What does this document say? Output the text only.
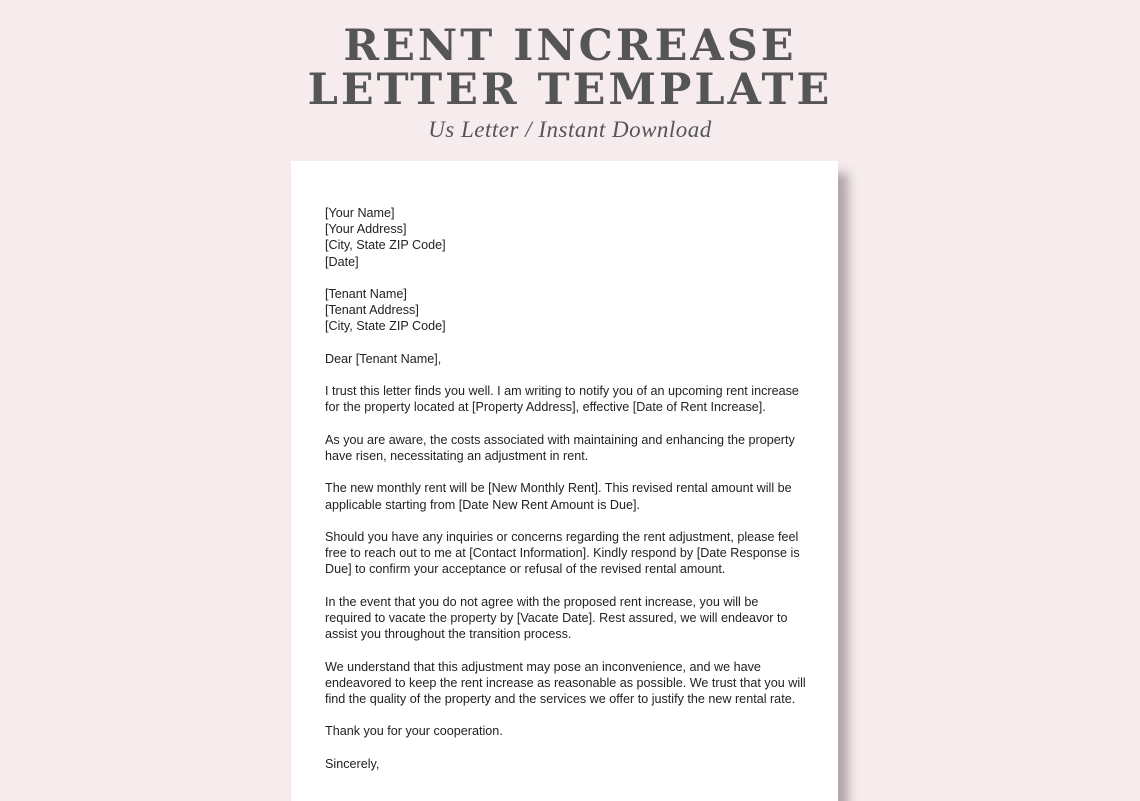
RENT INCREASE
LETTER TEMPLATE
Us Letter / Instant Download
[Your Name]
[Your Address]
[City, State ZIP Code]
[Date]
[Tenant Name]
[Tenant Address]
[City, State ZIP Code]

Dear [Tenant Name],

I trust this letter finds you well. I am writing to notify you of an upcoming rent increase
for the property located at [Property Address], effective [Date of Rent Increase].

As you are aware, the costs associated with maintaining and enhancing the property
have risen, necessitating an adjustment in rent.

The new monthly rent will be [New Monthly Rent]. This revised rental amount will be
applicable starting from [Date New Rent Amount is Due].

Should you have any inquiries or concerns regarding the rent adjustment, please feel
free to reach out to me at [Contact Information]. Kindly respond by [Date Response is
Due] to confirm your acceptance or refusal of the revised rental amount.

In the event that you do not agree with the proposed rent increase, you will be
required to vacate the property by [Vacate Date]. Rest assured, we will endeavor to
assist you throughout the transition process.

We understand that this adjustment may pose an inconvenience, and we have
endeavored to keep the rent increase as reasonable as possible. We trust that you will
find the quality of the property and the services we offer to justify the new rental rate.

Thank you for your cooperation.

Sincerely,
